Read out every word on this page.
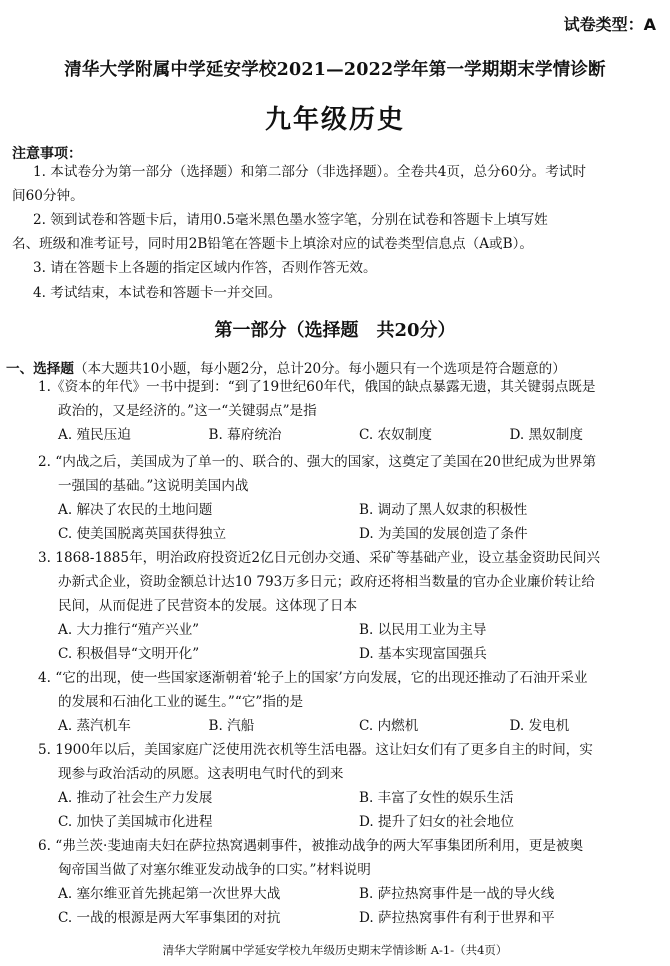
试卷类型：A
清华大学附属中学延安学校2021—2022学年第一学期期末学情诊断
九年级历史
注意事项：
1. 本试卷分为第一部分（选择题）和第二部分（非选择题）。全卷共4页，总分60分。考试时
间60分钟。
2. 领到试卷和答题卡后，请用0.5毫米黑色墨水签字笔，分别在试卷和答题卡上填写姓
名、班级和准考证号，同时用2B铅笔在答题卡上填涂对应的试卷类型信息点（A或B）。
3. 请在答题卡上各题的指定区域内作答，否则作答无效。
4. 考试结束，本试卷和答题卡一并交回。
第一部分（选择题　共20分）
一、选择题（本大题共10小题，每小题2分，总计20分。每小题只有一个选项是符合题意的）
1.《资本的年代》一书中提到：“到了19世纪60年代，俄国的缺点暴露无遗，其关键弱点既是
政治的，又是经济的。”这一“关键弱点”是指
A. 殖民压迫	B. 幕府统治	C. 农奴制度	D. 黑奴制度
2. “内战之后，美国成为了单一的、联合的、强大的国家，这奠定了美国在20世纪成为世界第
一强国的基础。”这说明美国内战
A. 解决了农民的土地问题	B. 调动了黑人奴隶的积极性
C. 使美国脱离英国获得独立	D. 为美国的发展创造了条件
3. 1868-1885年，明治政府投资近2亿日元创办交通、采矿等基础产业，设立基金资助民间兴
办新式企业，资助金额总计达10 793万多日元；政府还将相当数量的官办企业廉价转让给
民间，从而促进了民营资本的发展。这体现了日本
A. 大力推行“殖产兴业”	B. 以民用工业为主导
C. 积极倡导“文明开化”	D. 基本实现富国强兵
4. “它的出现，使一些国家逐渐朝着‘轮子上的国家’方向发展，它的出现还推动了石油开采业
的发展和石油化工业的诞生。”“它”指的是
A. 蒸汽机车	B. 汽船	C. 内燃机	D. 发电机
5. 1900年以后，美国家庭广泛使用洗衣机等生活电器。这让妇女们有了更多自主的时间，实
现参与政治活动的夙愿。这表明电气时代的到来
A. 推动了社会生产力发展	B. 丰富了女性的娱乐生活
C. 加快了美国城市化进程	D. 提升了妇女的社会地位
6. “弗兰茨·斐迪南夫妇在萨拉热窝遇刺事件，被推动战争的两大军事集团所利用，更是被奥
匈帝国当做了对塞尔维亚发动战争的口实。”材料说明
A. 塞尔维亚首先挑起第一次世界大战	B. 萨拉热窝事件是一战的导火线
C. 一战的根源是两大军事集团的对抗	D. 萨拉热窝事件有利于世界和平
清华大学附属中学延安学校九年级历史期末学情诊断 A-1-（共4页）
